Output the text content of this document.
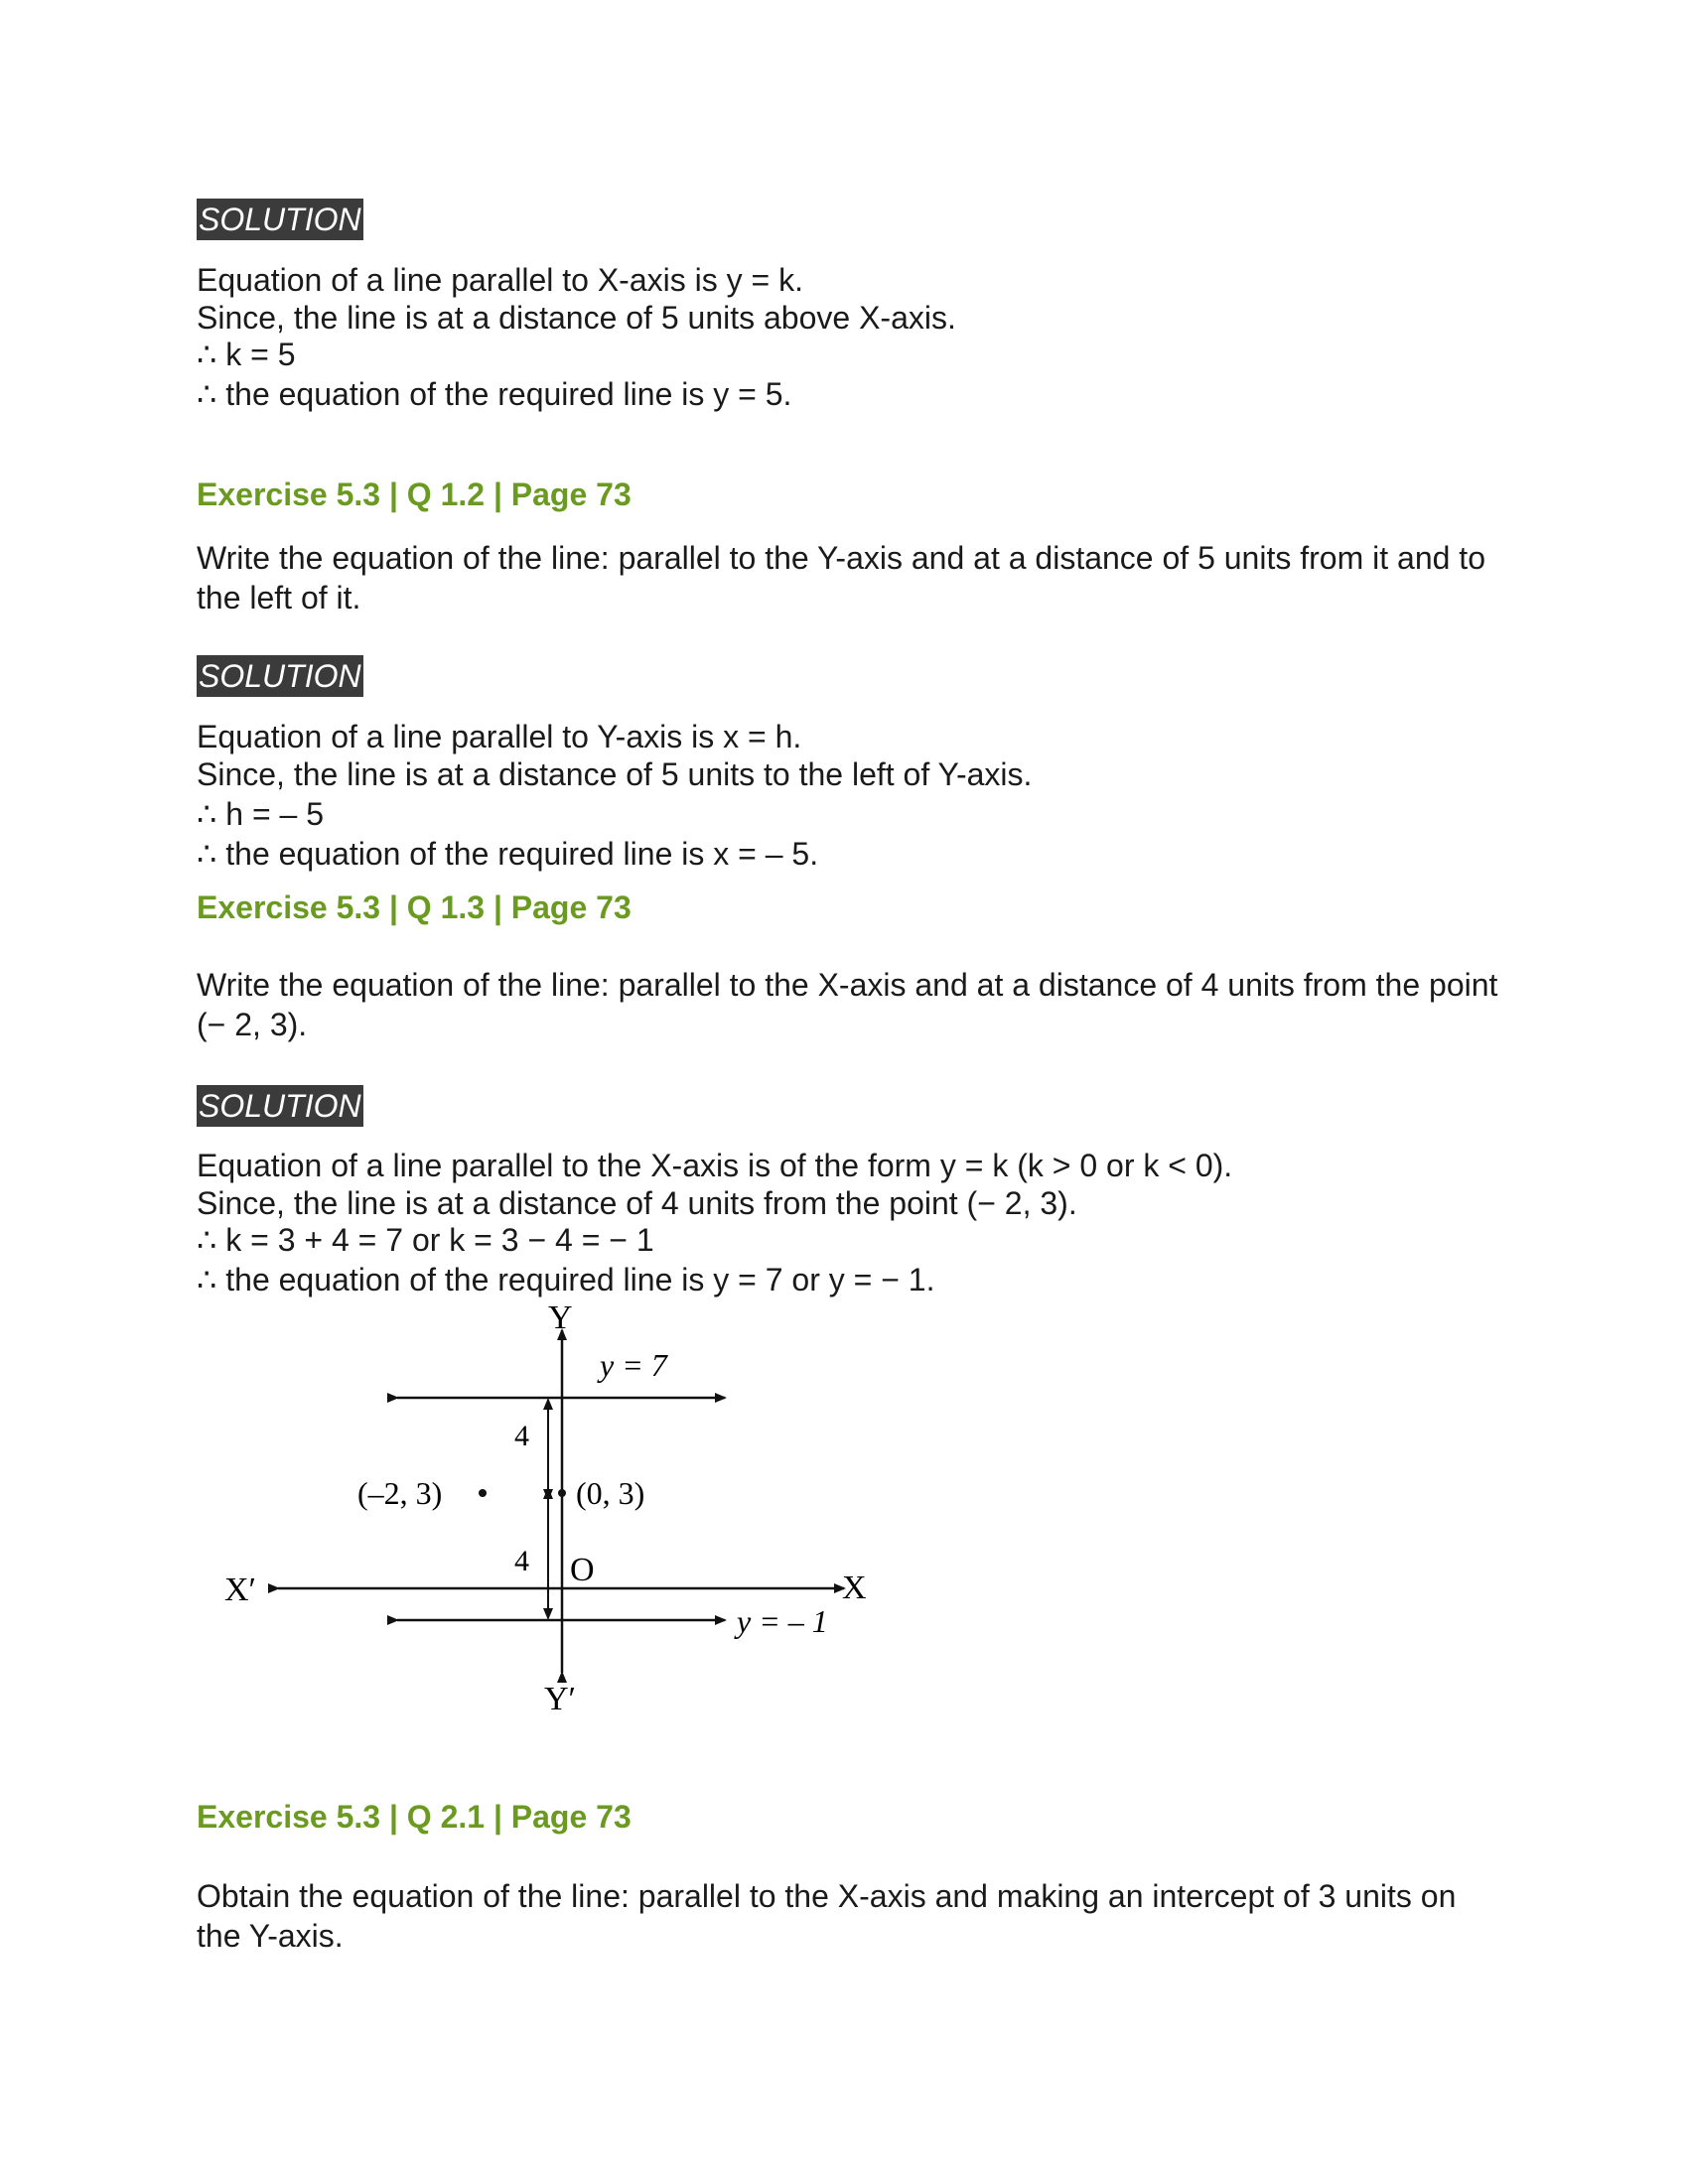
SOLUTION
Equation of a line parallel to X-axis is y = k.
Since, the line is at a distance of 5 units above X-axis.
∴ k = 5
∴ the equation of the required line is y = 5.
Exercise 5.3 | Q 1.2 | Page 73
Write the equation of the line: parallel to the Y-axis and at a distance of 5 units from it and to the left of it.
SOLUTION
Equation of a line parallel to Y-axis is x = h.
Since, the line is at a distance of 5 units to the left of Y-axis.
∴ h = – 5
∴ the equation of the required line is x = – 5.
Exercise 5.3 | Q 1.3 | Page 73
Write the equation of the line: parallel to the X-axis and at a distance of 4 units from the point (− 2, 3).
SOLUTION
Equation of a line parallel to the X-axis is of the form y = k (k > 0 or k < 0).
Since, the line is at a distance of 4 units from the point (− 2, 3).
∴ k = 3 + 4 = 7 or k = 3 − 4 = − 1
∴ the equation of the required line is y = 7 or y = − 1.
Y
Y′
X
X′
O
y = 7
y = – 1
(–2, 3)	(0, 3)
4
4
Exercise 5.3 | Q 2.1 | Page 73
Obtain the equation of the line: parallel to the X-axis and making an intercept of 3 units on the Y-axis.
